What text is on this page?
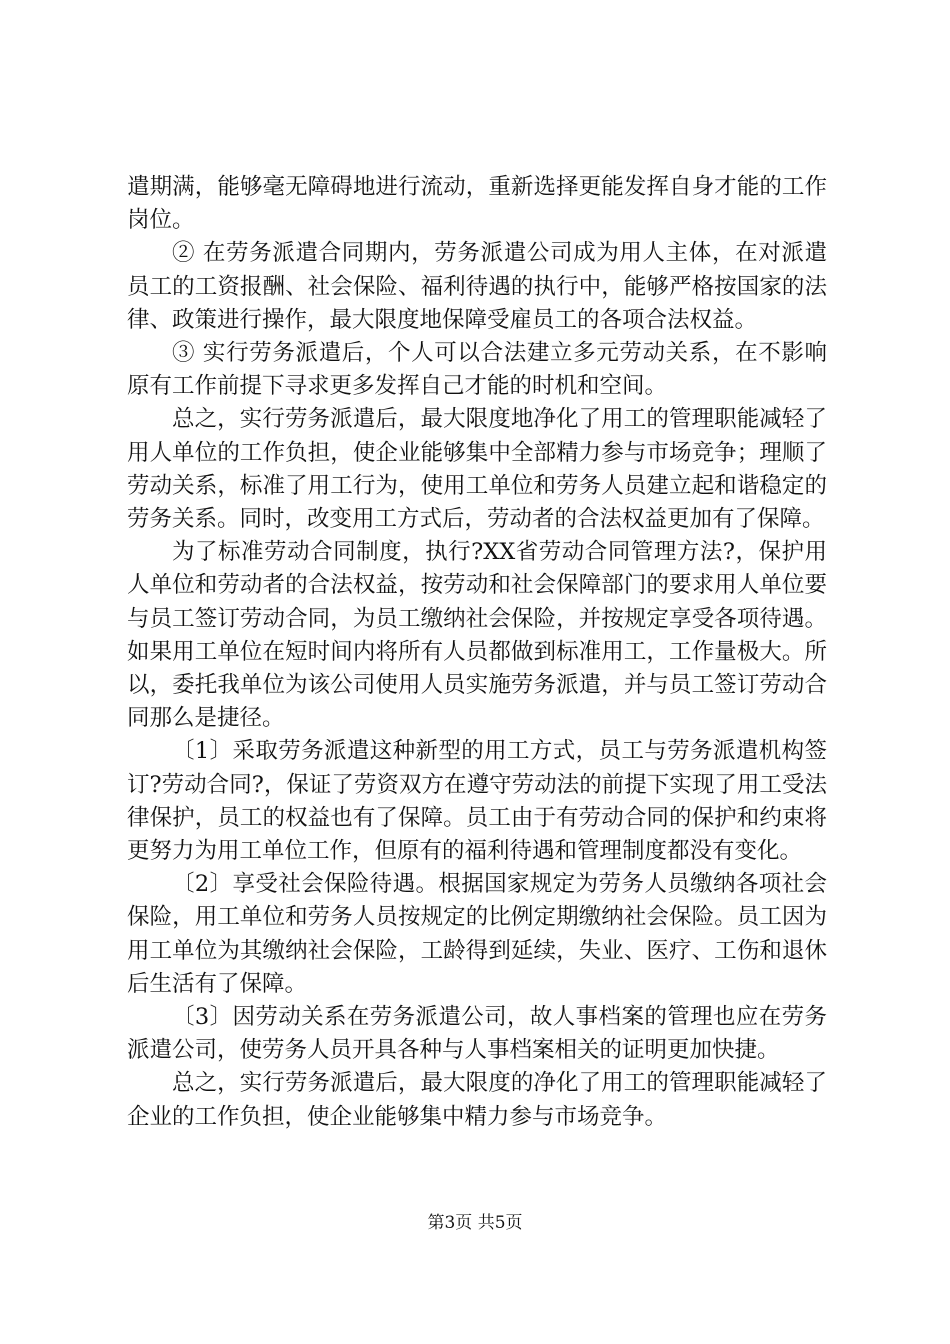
遣期满，能够毫无障碍地进行流动，重新选择更能发挥自身才能的工作岗位。

② 在劳务派遣合同期内，劳务派遣公司成为用人主体，在对派遣员工的工资报酬、社会保险、福利待遇的执行中，能够严格按国家的法律、政策进行操作，最大限度地保障受雇员工的各项合法权益。

③ 实行劳务派遣后，个人可以合法建立多元劳动关系，在不影响原有工作前提下寻求更多发挥自己才能的时机和空间。

总之，实行劳务派遣后，最大限度地净化了用工的管理职能减轻了用人单位的工作负担，使企业能够集中全部精力参与市场竞争；理顺了劳动关系，标准了用工行为，使用工单位和劳务人员建立起和谐稳定的劳务关系。同时，改变用工方式后，劳动者的合法权益更加有了保障。

为了标准劳动合同制度，执行?XX省劳动合同管理方法?，保护用人单位和劳动者的合法权益，按劳动和社会保障部门的要求用人单位要与员工签订劳动合同，为员工缴纳社会保险，并按规定享受各项待遇。如果用工单位在短时间内将所有人员都做到标准用工，工作量极大。所以，委托我单位为该公司使用人员实施劳务派遣，并与员工签订劳动合同那么是捷径。

〔1〕采取劳务派遣这种新型的用工方式，员工与劳务派遣机构签订?劳动合同?，保证了劳资双方在遵守劳动法的前提下实现了用工受法律保护，员工的权益也有了保障。员工由于有劳动合同的保护和约束将更努力为用工单位工作，但原有的福利待遇和管理制度都没有变化。

〔2〕享受社会保险待遇。根据国家规定为劳务人员缴纳各项社会保险，用工单位和劳务人员按规定的比例定期缴纳社会保险。员工因为用工单位为其缴纳社会保险，工龄得到延续，失业、医疗、工伤和退休后生活有了保障。

〔3〕因劳动关系在劳务派遣公司，故人事档案的管理也应在劳务派遣公司，使劳务人员开具各种与人事档案相关的证明更加快捷。

总之，实行劳务派遣后，最大限度的净化了用工的管理职能减轻了企业的工作负担，使企业能够集中精力参与市场竞争。

第3页 共5页
